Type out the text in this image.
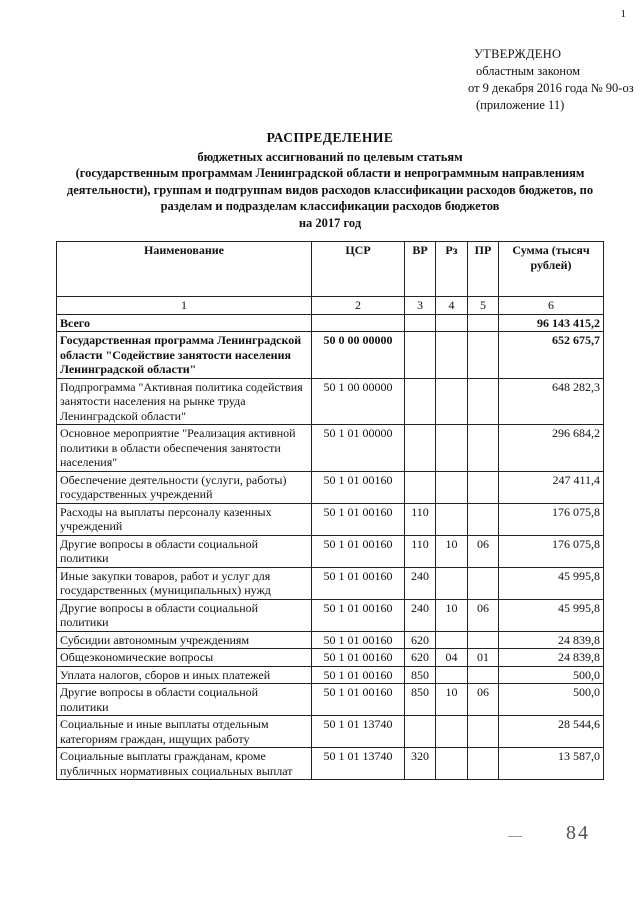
1
УТВЕРЖДЕНО
областным законом
от 9 декабря 2016 года № 90-оз
(приложение 11)
РАСПРЕДЕЛЕНИЕ
бюджетных ассигнований по целевым статьям
(государственным программам Ленинградской области и непрограммным направлениям
деятельности), группам и подгруппам видов расходов классификации расходов бюджетов, по
разделам и подразделам классификации расходов бюджетов
на 2017 год
Наименование	ЦСР	ВР	Рз	ПР	Сумма (тысяч рублей)
1	2	3	4	5	6
Всего					96 143 415,2
Государственная программа Ленинградской области "Содействие занятости населения Ленинградской области"	50 0 00 00000				652 675,7
Подпрограмма "Активная политика содействия занятости населения на рынке труда Ленинградской области"	50 1 00 00000				648 282,3
Основное мероприятие "Реализация активной политики в области обеспечения занятости населения"	50 1 01 00000				296 684,2
Обеспечение деятельности (услуги, работы) государственных учреждений	50 1 01 00160				247 411,4
Расходы на выплаты персоналу казенных учреждений	50 1 01 00160	110			176 075,8
Другие вопросы в области социальной политики	50 1 01 00160	110	10	06	176 075,8
Иные закупки товаров, работ и услуг для государственных (муниципальных) нужд	50 1 01 00160	240			45 995,8
Другие вопросы в области социальной политики	50 1 01 00160	240	10	06	45 995,8
Субсидии автономным учреждениям	50 1 01 00160	620			24 839,8
Общеэкономические вопросы	50 1 01 00160	620	04	01	24 839,8
Уплата налогов, сборов и иных платежей	50 1 01 00160	850			500,0
Другие вопросы в области социальной политики	50 1 01 00160	850	10	06	500,0
Социальные и иные выплаты отдельным категориям граждан, ищущих работу	50 1 01 13740				28 544,6
Социальные выплаты гражданам, кроме публичных нормативных социальных выплат	50 1 01 13740	320			13 587,0
84
